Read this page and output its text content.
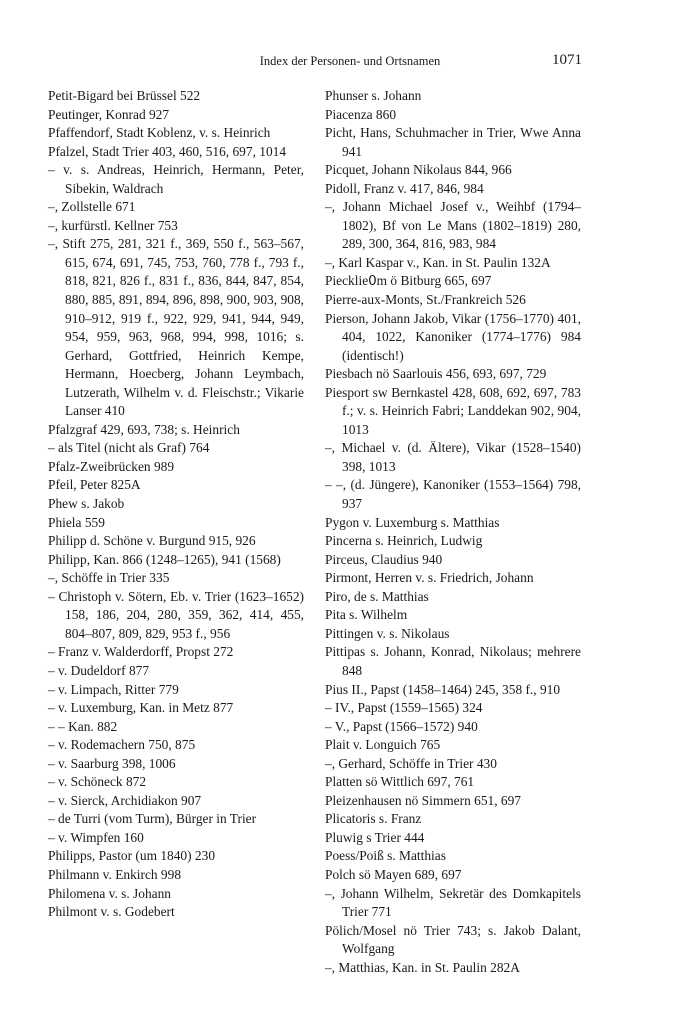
Index der Personen- und Ortsnamen	1071
Petit-Bigard bei Brüssel 522
Peutinger, Konrad 927
Pfaffendorf, Stadt Koblenz, v. s. Heinrich
Pfalzel, Stadt Trier 403, 460, 516, 697, 1014
– v. s. Andreas, Heinrich, Hermann, Peter, Sibekin, Waldrach
–, Zollstelle 671
–, kurfürstl. Kellner 753
–, Stift 275, 281, 321 f., 369, 550 f., 563–567, 615, 674, 691, 745, 753, 760, 778 f., 793 f., 818, 821, 826 f., 831 f., 836, 844, 847, 854, 880, 885, 891, 894, 896, 898, 900, 903, 908, 910–912, 919 f., 922, 929, 941, 944, 949, 954, 959, 963, 968, 994, 998, 1016; s. Gerhard, Gottfried, Heinrich Kempe, Hermann, Hoecberg, Johann Leymbach, Lutzerath, Wilhelm v. d. Fleischstr.; Vikarie Lanser 410
Pfalzgraf 429, 693, 738; s. Heinrich
– als Titel (nicht als Graf) 764
Pfalz-Zweibrücken 989
Pfeil, Peter 825A
Phew s. Jakob
Phiela 559
Philipp d. Schöne v. Burgund 915, 926
Philipp, Kan. 866 (1248–1265), 941 (1568)
–, Schöffe in Trier 335
– Christoph v. Sötern, Eb. v. Trier (1623–1652) 158, 186, 204, 280, 359, 362, 414, 455, 804–807, 809, 829, 953 f., 956
– Franz v. Walderdorff, Propst 272
– v. Dudeldorf 877
– v. Limpach, Ritter 779
– v. Luxemburg, Kan. in Metz 877
– – Kan. 882
– v. Rodemachern 750, 875
– v. Saarburg 398, 1006
– v. Schöneck 872
– v. Sierck, Archidiakon 907
– de Turri (vom Turm), Bürger in Trier
– v. Wimpfen 160
Philipps, Pastor (um 1840) 230
Philmann v. Enkirch 998
Philomena v. s. Johann
Philmont v. s. Godebert
Phunser s. Johann
Piacenza 860
Picht, Hans, Schuhmacher in Trier, Wwe Anna 941
Picquet, Johann Nikolaus 844, 966
Pidoll, Franz v. 417, 846, 984
–, Johann Michael Josef v., Weihbf (1794–1802), Bf von Le Mans (1802–1819) 280, 289, 300, 364, 816, 983, 984
–, Karl Kaspar v., Kan. in St. Paulin 132A
Piecklie߀m ö Bitburg 665, 697
Pierre-aux-Monts, St./Frankreich 526
Pierson, Johann Jakob, Vikar (1756–1770) 401, 404, 1022, Kanoniker (1774–1776) 984 (identisch!)
Piesbach nö Saarlouis 456, 693, 697, 729
Piesport sw Bernkastel 428, 608, 692, 697, 783 f.; v. s. Heinrich Fabri; Landdekan 902, 904, 1013
–, Michael v. (d. Ältere), Vikar (1528–1540) 398, 1013
– –, (d. Jüngere), Kanoniker (1553–1564) 798, 937
Pygon v. Luxemburg s. Matthias
Pincerna s. Heinrich, Ludwig
Pirceus, Claudius 940
Pirmont, Herren v. s. Friedrich, Johann
Piro, de s. Matthias
Pita s. Wilhelm
Pittingen v. s. Nikolaus
Pittipas s. Johann, Konrad, Nikolaus; mehrere 848
Pius II., Papst (1458–1464) 245, 358 f., 910
– IV., Papst (1559–1565) 324
– V., Papst (1566–1572) 940
Plait v. Longuich 765
–, Gerhard, Schöffe in Trier 430
Platten sö Wittlich 697, 761
Pleizenhausen nö Simmern 651, 697
Plicatoris s. Franz
Pluwig s Trier 444
Poess/Poiß s. Matthias
Polch sö Mayen 689, 697
–, Johann Wilhelm, Sekretär des Domkapitels Trier 771
Pölich/Mosel nö Trier 743; s. Jakob Dalant, Wolfgang
–, Matthias, Kan. in St. Paulin 282A
